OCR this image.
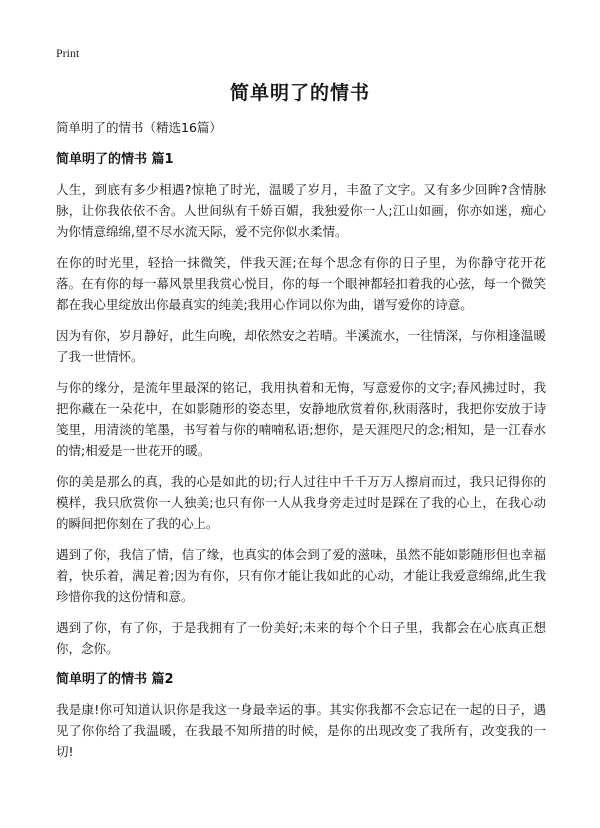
Print
简单明了的情书
简单明了的情书（精选16篇）
简单明了的情书 篇1

人生，到底有多少相遇?惊艳了时光，温暖了岁月，丰盈了文字。又有多少回眸?含情脉脉，让你我依依不舍。人世间纵有千娇百媚，我独爱你一人;江山如画，你亦如迷，痴心为你情意绵绵,望不尽水流天际，爱不完你似水柔情。

在你的时光里，轻拾一抹微笑，伴我天涯;在每个思念有你的日子里，为你静守花开花落。在有你的每一幕风景里我赏心悦目，你的每一个眼神都轻扣着我的心弦，每一个微笑都在我心里绽放出你最真实的纯美;我用心作词以你为曲，谱写爱你的诗意。

因为有你，岁月静好，此生向晚，却依然安之若晴。半溪流水，一往情深，与你相逢温暖了我一世情怀。

与你的缘分，是流年里最深的铭记，我用执着和无悔，写意爱你的文字;春风拂过时，我把你藏在一朵花中，在如影随形的姿态里，安静地欣赏着你,秋雨落时，我把你安放于诗笺里，用清淡的笔墨，书写着与你的喃喃私语;想你，是天涯咫尺的念;相知，是一江春水的情;相爱是一世花开的暖。

你的美是那么的真，我的心是如此的切;行人过往中千千万万人擦肩而过，我只记得你的模样，我只欣赏你一人独美;也只有你一人从我身旁走过时是踩在了我的心上，在我心动的瞬间把你刻在了我的心上。

遇到了你，我信了情，信了缘，也真实的体会到了爱的滋味，虽然不能如影随形但也幸福着，快乐着，满足着;因为有你，只有你才能让我如此的心动，才能让我爱意绵绵,此生我珍惜你我的这份情和意。

遇到了你，有了你，于是我拥有了一份美好;未来的每个个日子里，我都会在心底真正想你，念你。

简单明了的情书 篇2

我是康!你可知道认识你是我这一身最幸运的事。其实你我都不会忘记在一起的日子，遇见了你你给了我温暖，在我最不知所措的时候，是你的出现改变了我所有，改变我的一切!
